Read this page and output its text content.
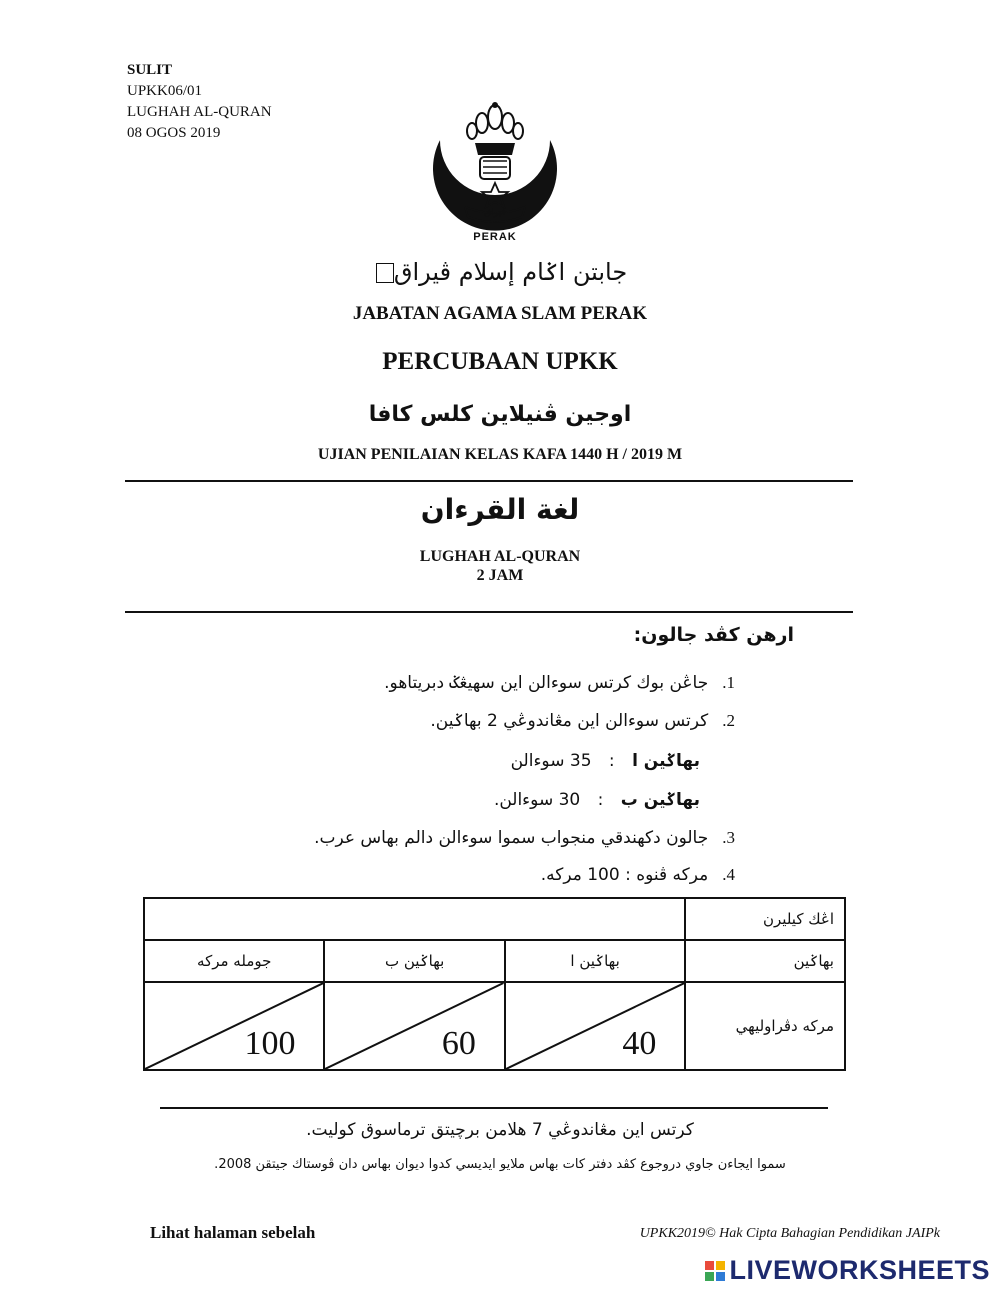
SULIT
UPKK06/01
LUGHAH AL-QURAN
08 OGOS 2019
ڤيراق
PERAK
جابتن اݢام إسلام ڤيراق
JABATAN AGAMA SLAM PERAK
PERCUBAAN UPKK
اوجين ڤنيلاين كلس كافا
UJIAN PENILAIAN KELAS KAFA 1440 H / 2019 M
لغة القرءان
LUGHAH AL-QURAN
2 JAM
ارهن كڤد جالون:
1.جاڠن بوك كرتس سوءالن اين سهيڠݢ دبريتاهو.
2.كرتس سوءالن اين مڠاندوڠي 2 بهاݢين.
بهاݢين ا : 35 سوءالن
بهاݢين ب : 30 سوءالن.
3.جالون دكهندقي منجواب سموا سوءالن دالم بهاس عرب.
4.مركه ڤنوه : 100 مركه.
			اڠك كيليرن
جوملە مركه	بهاݢين ب	بهاݢين ا	بهاݢين

100	60	40	مركه دڤراوليهي
كرتس اين مڠاندوڠي 7 هلامن برچيتق ترماسوق كوليت.
سموا ايجاءن جاوي دروجوع كڤد دفتر كات بهاس ملايو ايديسي كدوا ديوان بهاس دان ڤوستاك جيتقن 2008.
Lihat halaman sebelah	UPKK2019© Hak Cipta Bahagian Pendidikan JAIPk
LIVEWORKSHEETS
